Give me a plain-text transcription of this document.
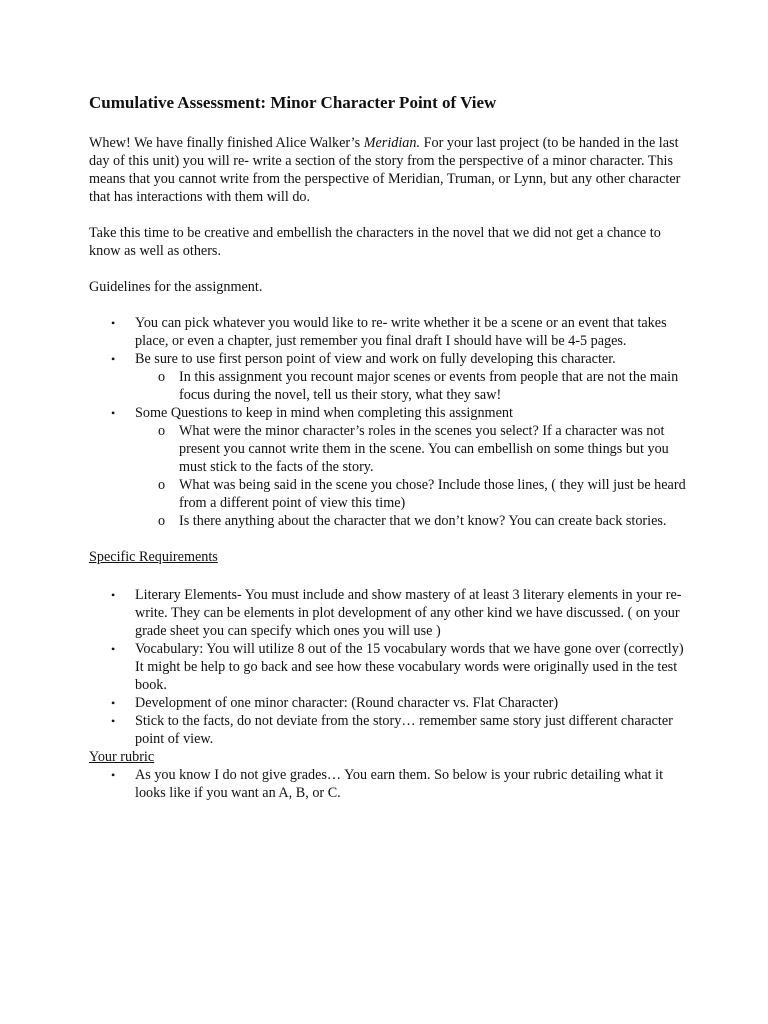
Cumulative Assessment: Minor Character Point of View

Whew! We have finally finished Alice Walker’s Meridian. For your last project (to be handed in the last day of this unit) you will re- write a section of the story from the perspective of a minor character. This means that you cannot write from the perspective of Meridian, Truman, or Lynn, but any other character that has interactions with them will do.

Take this time to be creative and embellish the characters in the novel that we did not get a chance to know as well as others.

Guidelines for the assignment.

• You can pick whatever you would like to re- write whether it be a scene or an event that takes place, or even a chapter, just remember you final draft I should have will be 4-5 pages.
• Be sure to use first person point of view and work on fully developing this character.
o In this assignment you recount major scenes or events from people that are not the main focus during the novel, tell us their story, what they saw!
• Some Questions to keep in mind when completing this assignment
o What were the minor character’s roles in the scenes you select? If a character was not present you cannot write them in the scene. You can embellish on some things but you must stick to the facts of the story.
o What was being said in the scene you chose? Include those lines, ( they will just be heard from a different point of view this time)
o Is there anything about the character that we don’t know? You can create back stories.

Specific Requirements

• Literary Elements- You must include and show mastery of at least 3 literary elements in your re-write. They can be elements in plot development of any other kind we have discussed. ( on your grade sheet you can specify which ones you will use )
• Vocabulary: You will utilize 8 out of the 15 vocabulary words that we have gone over (correctly) It might be help to go back and see how these vocabulary words were originally used in the test book.
• Development of one minor character: (Round character vs. Flat Character)
• Stick to the facts, do not deviate from the story… remember same story just different character point of view.

Your rubric

• As you know I do not give grades… You earn them. So below is your rubric detailing what it looks like if you want an A, B, or C.
